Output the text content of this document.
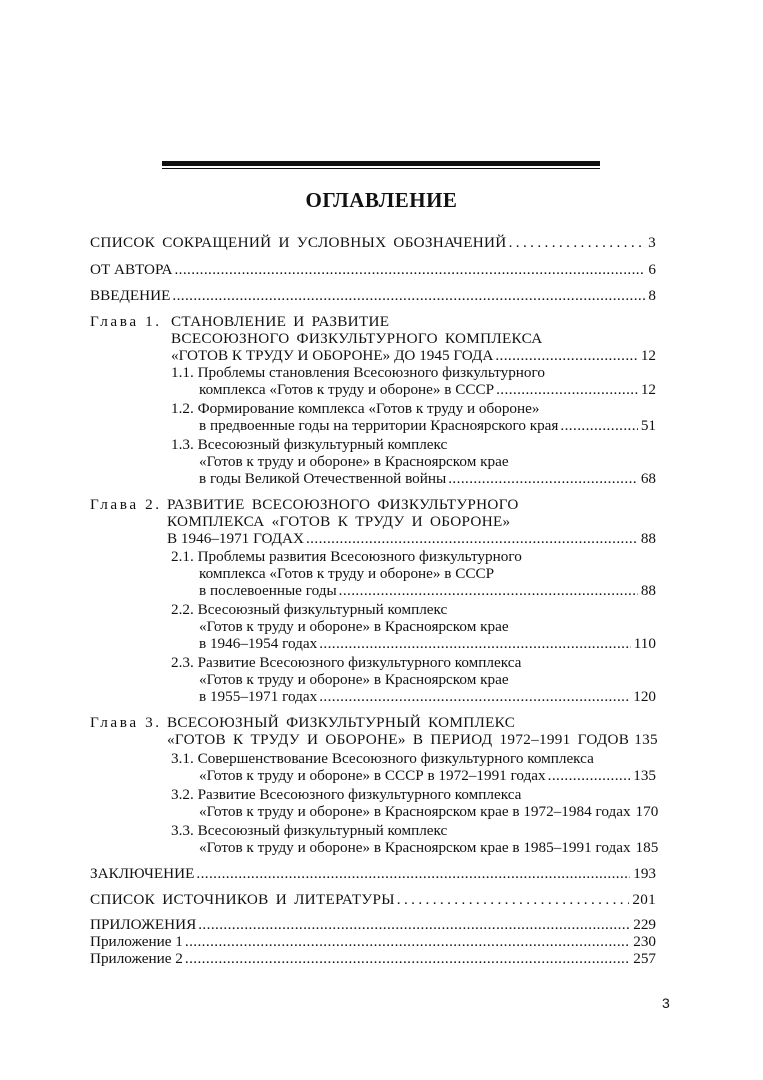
ОГЛАВЛЕНИЕ
СПИСОК СОКРАЩЕНИЙ И УСЛОВНЫХ ОБОЗНАЧЕНИЙ . . .	3
ОТ АВТОРА . . .	6
ВВЕДЕНИЕ . . .	8
Глава 1. СТАНОВЛЕНИЕ И РАЗВИТИЕ
ВСЕСОЮЗНОГО ФИЗКУЛЬТУРНОГО КОМПЛЕКСА
«ГОТОВ К ТРУДУ И ОБОРОНЕ» ДО 1945 ГОДА . . .	12
1.1. Проблемы становления Всесоюзного физкультурного
комплекса «Готов к труду и обороне» в СССР . . .	12
1.2. Формирование комплекса «Готов к труду и обороне»
в предвоенные годы на территории Красноярского края . . .	51
1.3. Всесоюзный физкультурный комплекс
«Готов к труду и обороне» в Красноярском крае
в годы Великой Отечественной войны . . .	68
Глава 2. РАЗВИТИЕ ВСЕСОЮЗНОГО ФИЗКУЛЬТУРНОГО
КОМПЛЕКСА «ГОТОВ К ТРУДУ И ОБОРОНЕ»
В 1946–1971 ГОДАХ . . .	88
2.1. Проблемы развития Всесоюзного физкультурного
комплекса «Готов к труду и обороне» в СССР
в послевоенные годы . . .	88
2.2. Всесоюзный физкультурный комплекс
«Готов к труду и обороне» в Красноярском крае
в 1946–1954 годах . . .	110
2.3. Развитие Всесоюзного физкультурного комплекса
«Готов к труду и обороне» в Красноярском крае
в 1955–1971 годах . . .	120
Глава 3. ВСЕСОЮЗНЫЙ ФИЗКУЛЬТУРНЫЙ КОМПЛЕКС
«ГОТОВ К ТРУДУ И ОБОРОНЕ» В ПЕРИОД 1972–1991 ГОДОВ 135
3.1. Совершенствование Всесоюзного физкультурного комплекса
«Готов к труду и обороне» в СССР в 1972–1991 годах . . .	135
3.2. Развитие Всесоюзного физкультурного комплекса
«Готов к труду и обороне» в Красноярском крае в 1972–1984 годах 170
3.3. Всесоюзный физкультурный комплекс
«Готов к труду и обороне» в Красноярском крае в 1985–1991 годах 185
ЗАКЛЮЧЕНИЕ . . .	193
СПИСОК ИСТОЧНИКОВ И ЛИТЕРАТУРЫ . . .	201
ПРИЛОЖЕНИЯ . . .	229
Приложение 1 . . .	230
Приложение 2 . . .	257
3
